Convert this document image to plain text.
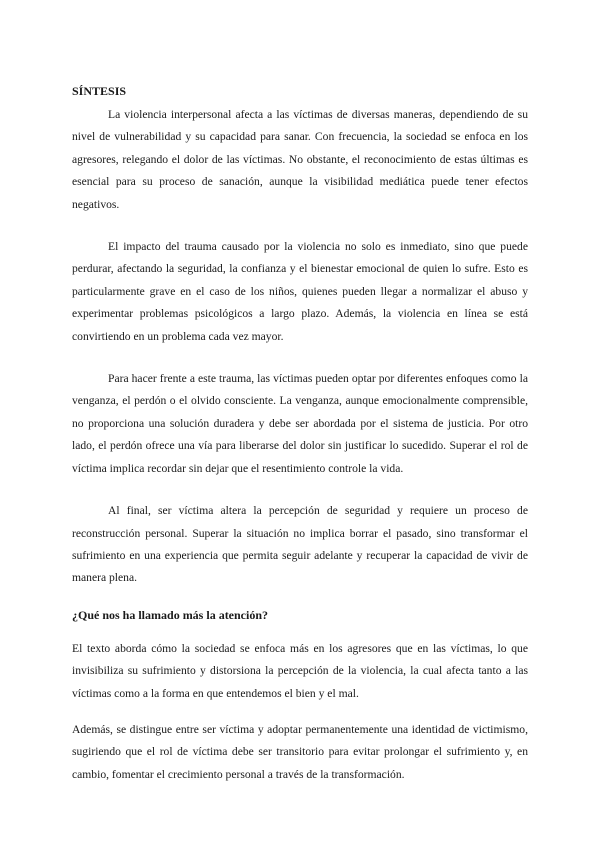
SÍNTESIS

La violencia interpersonal afecta a las víctimas de diversas maneras, dependiendo de su nivel de vulnerabilidad y su capacidad para sanar. Con frecuencia, la sociedad se enfoca en los agresores, relegando el dolor de las víctimas. No obstante, el reconocimiento de estas últimas es esencial para su proceso de sanación, aunque la visibilidad mediática puede tener efectos negativos.

El impacto del trauma causado por la violencia no solo es inmediato, sino que puede perdurar, afectando la seguridad, la confianza y el bienestar emocional de quien lo sufre. Esto es particularmente grave en el caso de los niños, quienes pueden llegar a normalizar el abuso y experimentar problemas psicológicos a largo plazo. Además, la violencia en línea se está convirtiendo en un problema cada vez mayor.

Para hacer frente a este trauma, las víctimas pueden optar por diferentes enfoques como la venganza, el perdón o el olvido consciente. La venganza, aunque emocionalmente comprensible, no proporciona una solución duradera y debe ser abordada por el sistema de justicia. Por otro lado, el perdón ofrece una vía para liberarse del dolor sin justificar lo sucedido. Superar el rol de víctima implica recordar sin dejar que el resentimiento controle la vida.

Al final, ser víctima altera la percepción de seguridad y requiere un proceso de reconstrucción personal. Superar la situación no implica borrar el pasado, sino transformar el sufrimiento en una experiencia que permita seguir adelante y recuperar la capacidad de vivir de manera plena.

¿Qué nos ha llamado más la atención?

El texto aborda cómo la sociedad se enfoca más en los agresores que en las víctimas, lo que invisibiliza su sufrimiento y distorsiona la percepción de la violencia, la cual afecta tanto a las víctimas como a la forma en que entendemos el bien y el mal.

Además, se distingue entre ser víctima y adoptar permanentemente una identidad de victimismo, sugiriendo que el rol de víctima debe ser transitorio para evitar prolongar el sufrimiento y, en cambio, fomentar el crecimiento personal a través de la transformación.
